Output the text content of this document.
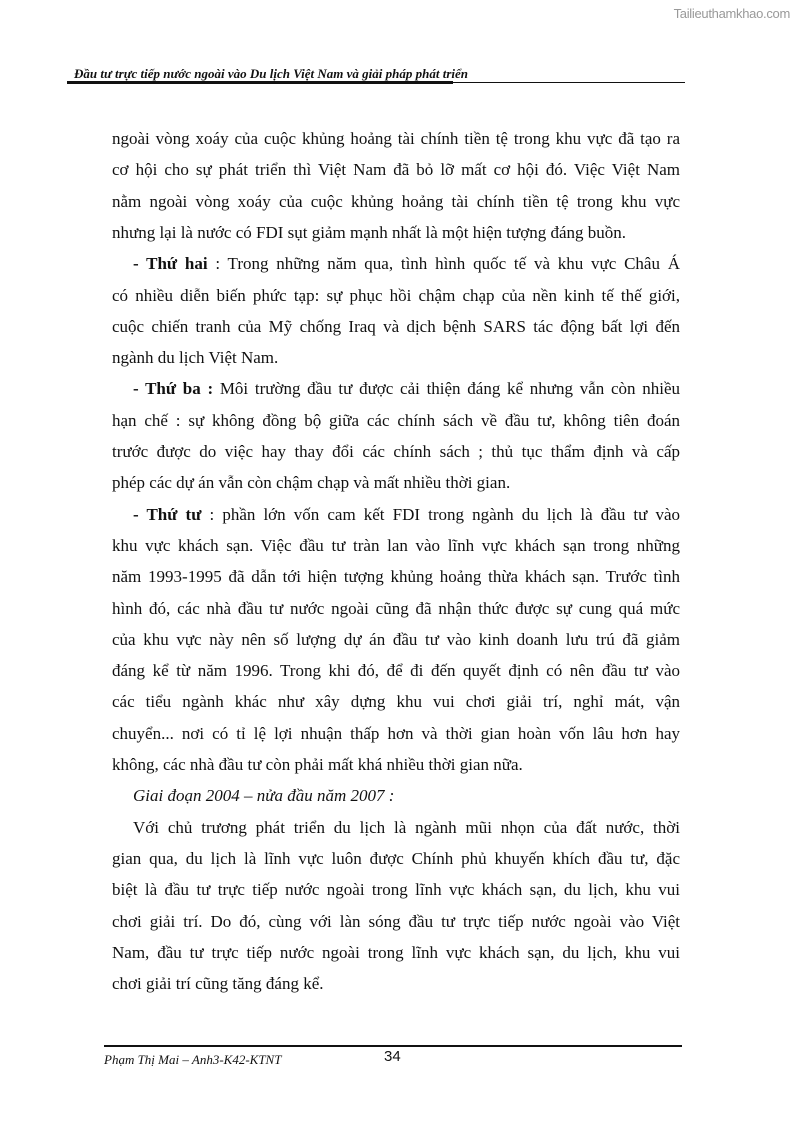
Tailieuthamkhao.com
Đầu tư trực tiếp nước ngoài vào Du lịch Việt Nam và giải pháp phát triển
ngoài vòng xoáy của cuộc khủng hoảng tài chính tiền tệ trong khu vực đã tạo ra
cơ hội cho sự phát triển thì Việt Nam đã bỏ lỡ mất cơ hội đó. Việc Việt Nam
nằm ngoài vòng xoáy của cuộc khủng hoảng tài chính tiền tệ trong khu vực
nhưng lại là nước có FDI sụt giảm mạnh nhất là một hiện tượng đáng buồn.
- Thứ hai : Trong những năm qua, tình hình quốc tế và khu vực Châu Á
có nhiều diễn biến phức tạp: sự phục hồi chậm chạp của nền kinh tế thế giới,
cuộc chiến tranh của Mỹ chống Iraq và dịch bệnh SARS tác động bất lợi đến
ngành du lịch Việt Nam.
- Thứ ba : Môi trường đầu tư được cải thiện đáng kể nhưng vẫn còn nhiều
hạn chế : sự không đồng bộ giữa các chính sách về đầu tư, không tiên đoán
trước được do việc hay thay đổi các chính sách ; thủ tục thẩm định và cấp
phép các dự án vẫn còn chậm chạp và mất nhiều thời gian.
- Thứ tư : phần lớn vốn cam kết FDI trong ngành du lịch là đầu tư vào
khu vực khách sạn. Việc đầu tư tràn lan vào lĩnh vực khách sạn trong những
năm 1993-1995 đã dẫn tới hiện tượng khủng hoảng thừa khách sạn. Trước tình
hình đó, các nhà đầu tư nước ngoài cũng đã nhận thức được sự cung quá mức
của khu vực này nên số lượng dự án đầu tư vào kinh doanh lưu trú đã giảm
đáng kể từ năm 1996. Trong khi đó, để đi đến quyết định có nên đầu tư vào
các tiểu ngành khác như xây dựng khu vui chơi giải trí, nghỉ mát, vận
chuyển... nơi có tỉ lệ lợi nhuận thấp hơn và thời gian hoàn vốn lâu hơn hay
không, các nhà đầu tư còn phải mất khá nhiều thời gian nữa.
Giai đoạn 2004 – nửa đầu năm 2007 :
Với chủ trương phát triển du lịch là ngành mũi nhọn của đất nước, thời
gian qua, du lịch là lĩnh vực luôn được Chính phủ khuyến khích đầu tư, đặc
biệt là đầu tư trực tiếp nước ngoài trong lĩnh vực khách sạn, du lịch, khu vui
chơi giải trí. Do đó, cùng với làn sóng đầu tư trực tiếp nước ngoài vào Việt
Nam, đầu tư trực tiếp nước ngoài trong lĩnh vực khách sạn, du lịch, khu vui
chơi giải trí cũng tăng đáng kể.
Phạm Thị Mai – Anh3-K42-KTNT	34
